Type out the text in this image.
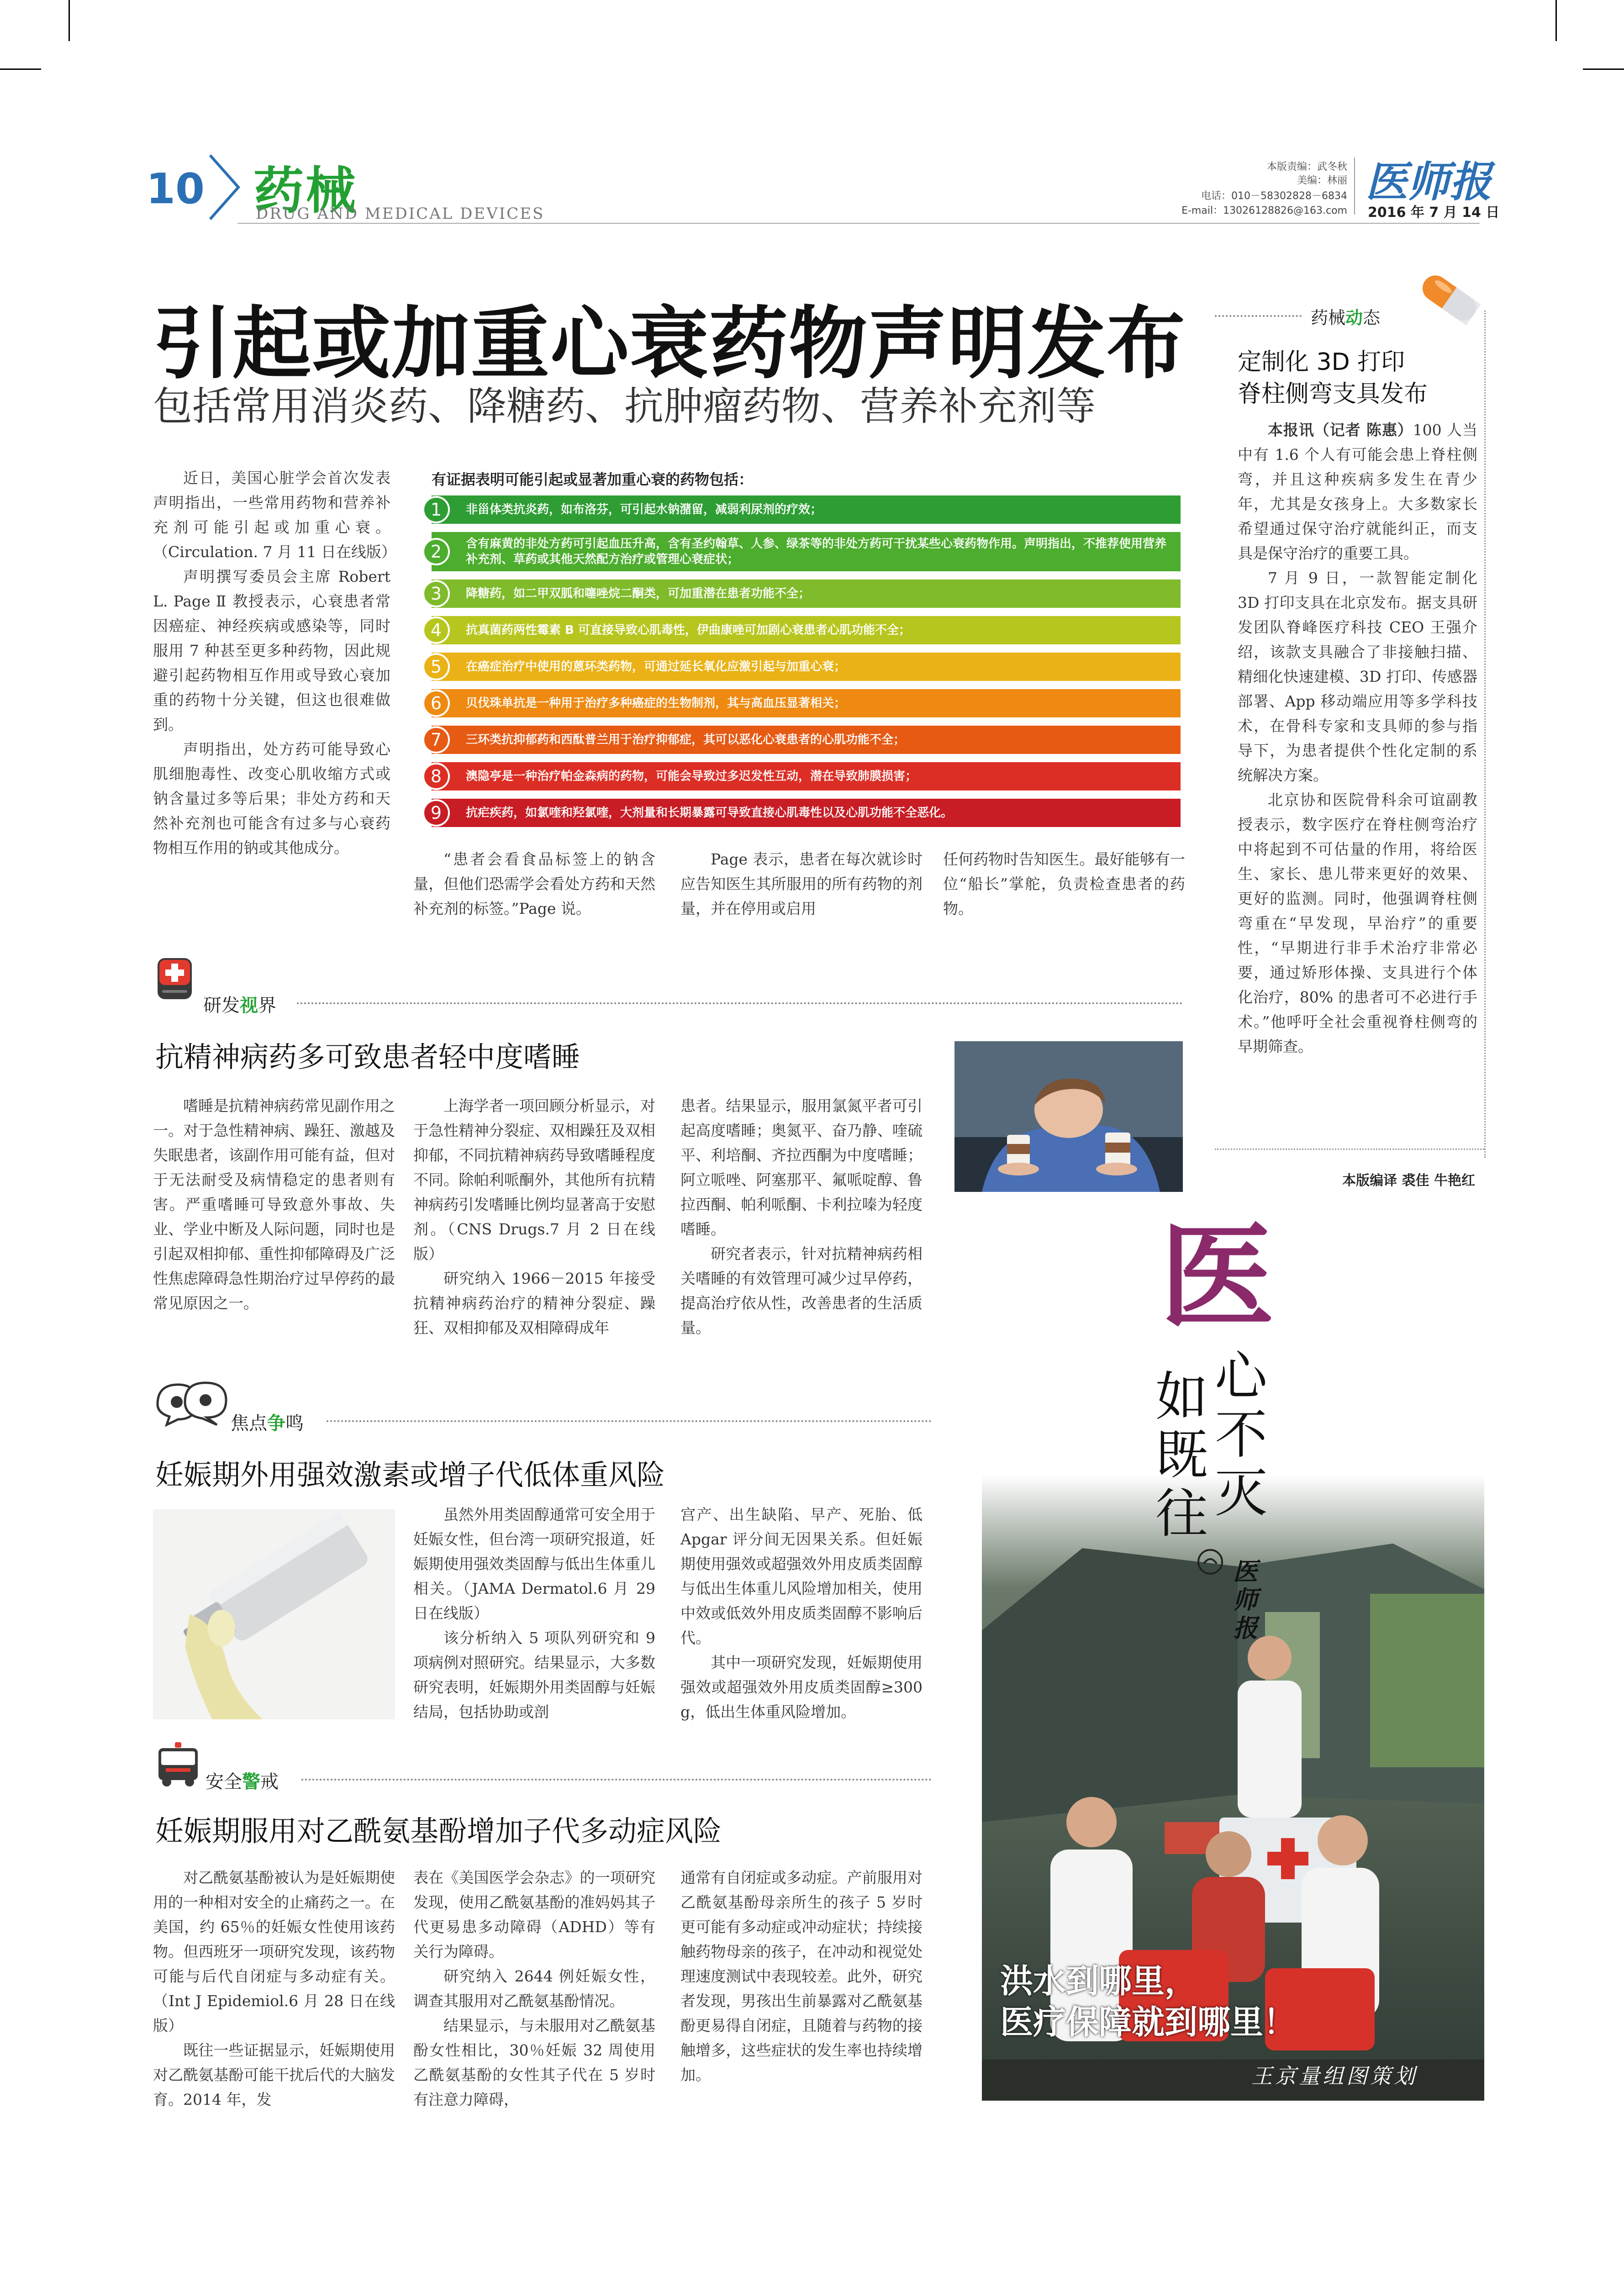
10 药械
DRUG AND MEDICAL DEVICES
本版责编：武冬秋
美编：林丽
电话：010－58302828－6834
E-mail：13026128826@163.com
医师报
2016 年 7 月 14 日
引起或加重心衰药物声明发布
包括常用消炎药、降糖药、抗肿瘤药物、营养补充剂等

近日，美国心脏学会首次发表声明指出，一些常用药物和营养补充剂可能引起或加重心衰。（Circulation. 7 月 11 日在线版）

声明撰写委员会主席 Robert L. Page Ⅱ 教授表示，心衰患者常因癌症、神经疾病或感染等，同时服用 7 种甚至更多种药物，因此规避引起药物相互作用或导致心衰加重的药物十分关键，但这也很难做到。

声明指出，处方药可能导致心肌细胞毒性、改变心肌收缩方式或钠含量过多等后果；非处方药和天然补充剂也可能含有过多与心衰药物相互作用的钠或其他成分。

有证据表明可能引起或显著加重心衰的药物包括：
1	非甾体类抗炎药，如布洛芬，可引起水钠潴留，减弱利尿剂的疗效；
2	含有麻黄的非处方药可引起血压升高，含有圣约翰草、人参、绿茶等的非处方药可干扰某些心衰药物作用。声明指出，不推荐使用营养补充剂、草药或其他天然配方治疗或管理心衰症状；
3	降糖药，如二甲双胍和噻唑烷二酮类，可加重潜在患者功能不全；
4	抗真菌药两性霉素 B 可直接导致心肌毒性，伊曲康唑可加剧心衰患者心肌功能不全；
5	在癌症治疗中使用的蒽环类药物，可通过延长氧化应激引起与加重心衰；
6	贝伐珠单抗是一种用于治疗多种癌症的生物制剂，其与高血压显著相关；
7	三环类抗抑郁药和西酞普兰用于治疗抑郁症，其可以恶化心衰患者的心肌功能不全；
8	澳隐亭是一种治疗帕金森病的药物，可能会导致过多迟发性互动，潜在导致肺膜损害；
9	抗疟疾药，如氯喹和羟氯喹，大剂量和长期暴露可导致直接心肌毒性以及心肌功能不全恶化。

“患者会看食品标签上的钠含量，但他们恐需学会看处方药和天然补充剂的标签。”Page 说。

Page 表示，患者在每次就诊时应告知医生其所服用的所有药物的剂量，并在停用或启用

任何药物时告知医生。最好能够有一位“船长”掌舵，负责检查患者的药物。

药械动态
定制化 3D 打印
脊柱侧弯支具发布

本报讯（记者 陈惠）100 人当中有 1.6 个人有可能会患上脊柱侧弯，并且这种疾病多发生在青少年，尤其是女孩身上。大多数家长希望通过保守治疗就能纠正，而支具是保守治疗的重要工具。

7 月 9 日，一款智能定制化 3D 打印支具在北京发布。据支具研发团队脊峰医疗科技 CEO 王强介绍，该款支具融合了非接触扫描、精细化快速建模、3D 打印、传感器部署、App 移动端应用等多学科技术，在骨科专家和支具师的参与指导下，为患者提供个性化定制的系统解决方案。

北京协和医院骨科余可谊副教授表示，数字医疗在脊柱侧弯治疗中将起到不可估量的作用，将给医生、家长、患儿带来更好的效果、更好的监测。同时，他强调脊柱侧弯重在“早发现，早治疗”的重要性，“早期进行非手术治疗非常必要，通过矫形体操、支具进行个体化治疗，80% 的患者可不必进行手术。”他呼吁全社会重视脊柱侧弯的早期筛查。

本版编译 裘佳 牛艳红
研发视界
抗精神病药多可致患者轻中度嗜睡

嗜睡是抗精神病药常见副作用之一。对于急性精神病、躁狂、激越及失眠患者，该副作用可能有益，但对于无法耐受及病情稳定的患者则有害。严重嗜睡可导致意外事故、失业、学业中断及人际问题，同时也是引起双相抑郁、重性抑郁障碍及广泛性焦虑障碍急性期治疗过早停药的最常见原因之一。

上海学者一项回顾分析显示，对于急性精神分裂症、双相躁狂及双相抑郁，不同抗精神病药导致嗜睡程度不同。除帕利哌酮外，其他所有抗精神病药引发嗜睡比例均显著高于安慰剂。（CNS Drugs.7 月 2 日在线版）

研究纳入 1966－2015 年接受抗精神病药治疗的精神分裂症、躁狂、双相抑郁及双相障碍成年

患者。结果显示，服用氯氮平者可引起高度嗜睡；奥氮平、奋乃静、喹硫平、利培酮、齐拉西酮为中度嗜睡；阿立哌唑、阿塞那平、氟哌啶醇、鲁拉西酮、帕利哌酮、卡利拉嗪为轻度嗜睡。

研究者表示，针对抗精神病药相关嗜睡的有效管理可减少过早停药，提高治疗依从性，改善患者的生活质量。

焦点争鸣
妊娠期外用强效激素或增子代低体重风险

虽然外用类固醇通常可安全用于妊娠女性，但台湾一项研究报道，妊娠期使用强效类固醇与低出生体重儿相关。（JAMA Dermatol.6 月 29 日在线版）

该分析纳入 5 项队列研究和 9 项病例对照研究。结果显示，大多数研究表明，妊娠期外用类固醇与妊娠结局，包括协助或剖

宫产、出生缺陷、早产、死胎、低 Apgar 评分间无因果关系。但妊娠期使用强效或超强效外用皮质类固醇与低出生体重儿风险增加相关，使用中效或低效外用皮质类固醇不影响后代。

其中一项研究发现，妊娠期使用强效或超强效外用皮质类固醇≥300 g，低出生体重风险增加。

安全警戒
妊娠期服用对乙酰氨基酚增加子代多动症风险

对乙酰氨基酚被认为是妊娠期使用的一种相对安全的止痛药之一。在美国，约 65％的妊娠女性使用该药物。但西班牙一项研究发现，该药物可能与后代自闭症与多动症有关。（Int J Epidemiol.6 月 28 日在线版）

既往一些证据显示，妊娠期使用对乙酰氨基酚可能干扰后代的大脑发育。2014 年，发

表在《美国医学会杂志》的一项研究发现，使用乙酰氨基酚的准妈妈其子代更易患多动障碍（ADHD）等有关行为障碍。

研究纳入 2644 例妊娠女性，调查其服用对乙酰氨基酚情况。

结果显示，与未服用对乙酰氨基酚女性相比，30％妊娠 32 周使用乙酰氨基酚的女性其子代在 5 岁时有注意力障碍，

通常有自闭症或多动症。产前服用对乙酰氨基酚母亲所生的孩子 5 岁时更可能有多动症或冲动症状；持续接触药物母亲的孩子，在冲动和视觉处理速度测试中表现较差。此外，研究者发现，男孩出生前暴露对乙酰氨基酚更易得自闭症，且随着与药物的接触增多，这些症状的发生率也持续增加。

医
心不灭
如既往
医师报
洪水到哪里，
医疗保障就到哪里！
王京量组图策划
